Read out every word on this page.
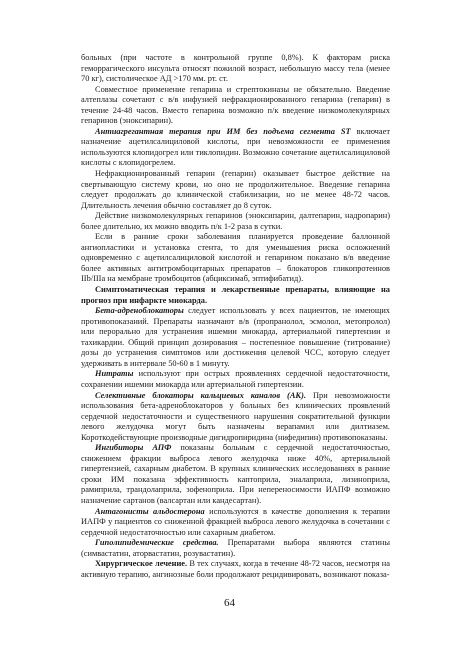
больных (при частоте в контрольной группе 0,8%). К факторам риска геморрагического инсульта относят пожилой возраст, небольшую массу тела (менее 70 кг), систолическое АД >170 мм. рт. ст.

Совместное применение гепарина и стрептокиназы не обязательно. Введение алтеплазы сочетают с в/в инфузией нефракционированного гепарина (гепарин) в течение 24-48 часов. Вместо гепарина возможно п/к введение низкомолекулярных гепаринов (эноксипарин).

Антиагрегантная терапия при ИМ без подъема сегмента ST включает назначение ацетилсалициловой кислоты, при невозможности ее применения используются клопидогрел или тиклопидин. Возможно сочетание ацетилсалициловой кислоты с клопидогрелем.

Нефракционированный гепарин (гепарин) оказывает быстрое действие на свертывающую систему крови, но оно не продолжительное. Введение гепарина следует продолжать до клинической стабилизации, но не менее 48-72 часов. Длительность лечения обычно составляет до 8 суток.

Действие низкомолекулярных гепаринов (эноксипарин, далтепарин, надропарин) более длительно, их можно вводить п/к 1-2 раза в сутки.

Если в ранние сроки заболевания планируется проведение баллонной ангиопластики и установка стента, то для уменьшения риска осложнений одновременно с ацетилсалициловой кислотой и гепарином показано в/в введение более активных антитромбоцитарных препаратов – блокаторов гликопротеинов IIb/IIIa на мембране тромбоцитов (абциксимаб, эптифибатид).

Симптоматическая терапия и лекарственные препараты, влияющие на прогноз при инфаркте миокарда.

Бета-адреноблокаторы следует использовать у всех пациентов, не имеющих противопоказаний. Препараты назначают в/в (пропранолол, эсмолол, метопролол) или перорально для устранения ишемии миокарда, артериальной гипертензии и тахикардии. Общий принцип дозирования – постепенное повышение (титрование) дозы до устранения симптомов или достижения целевой ЧСС, которую следует удерживать в интервале 50-60 в 1 минуту.

Нитраты используют при острых проявлениях сердечной недостаточности, сохранении ишемии миокарда или артериальной гипертензии.

Селективные блокаторы кальциевых каналов (АК). При невозможности использования бета-адреноблокаторов у больных без клинических проявлений сердечной недостаточности и существенного нарушения сократительной функции левого желудочка могут быть назначены верапамил или дилтиазем. Короткодействующие производные дигидропиридина (нифедипин) противопоказаны.

Ингибиторы АПФ показаны больным с сердечной недостаточностью, снижением фракции выброса левого желудочка ниже 40%, артериальной гипертензией, сахарным диабетом. В крупных клинических исследованиях в ранние сроки ИМ показана эффективность каптоприла, эналаприла, лизиноприла, рамиприла, трандолаприла, зофеноприла. При непереносимости ИАПФ возможно назначение сартанов (валсартан или кандесартан).

Антагонисты альдостерона используются в качестве дополнения к терапии ИАПФ у пациентов со сниженной фракцией выброса левого желудочка в сочетании с сердечной недостаточностью или сахарным диабетом.

Гиполипидемические средства. Препаратами выбора являются статины (симвастатин, аторвастатин, розувастатин).

Хирургическое лечение. В тех случаях, когда в течение 48-72 часов, несмотря на активную терапию, ангинозные боли продолжают рецидивировать, возникают показа-

64
